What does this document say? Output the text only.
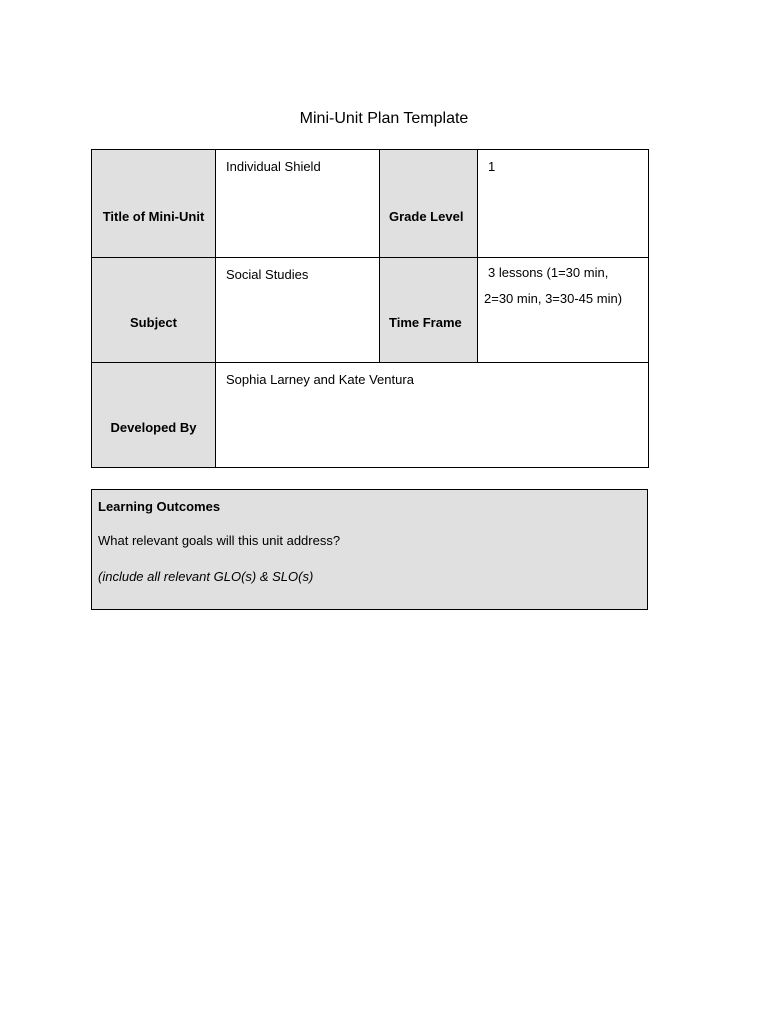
Mini-Unit Plan Template
Title of Mini-Unit	Individual Shield	Grade Level	1

Subject	Social Studies	Time Frame	3 lessons (1=30 min,
2=30 min, 3=30-45 min)

Developed By	Sophia Larney and Kate Ventura		
Learning Outcomes
What relevant goals will this unit address?
(include all relevant GLO(s) & SLO(s)
